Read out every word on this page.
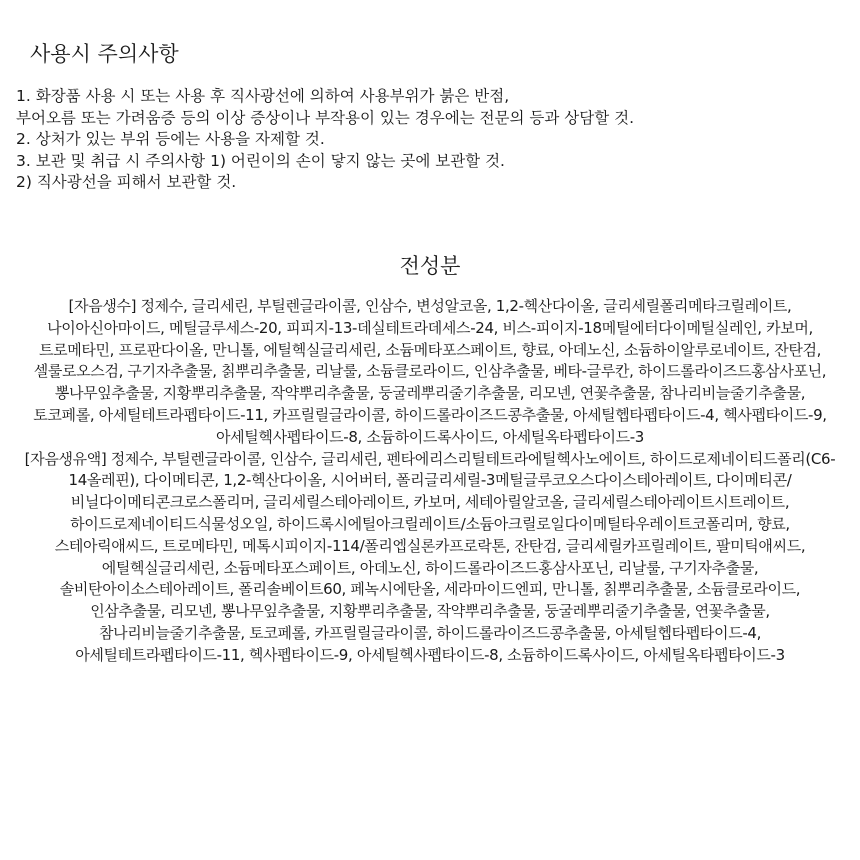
사용시 주의사항
1. 화장품 사용 시 또는 사용 후 직사광선에 의하여 사용부위가 붉은 반점,
부어오름 또는 가려움증 등의 이상 증상이나 부작용이 있는 경우에는 전문의 등과 상담할 것.
2. 상처가 있는 부위 등에는 사용을 자제할 것.
3. 보관 및 취급 시 주의사항 1) 어린이의 손이 닿지 않는 곳에 보관할 것.
2) 직사광선을 피해서 보관할 것.
전성분

[자음생수] 정제수, 글리세린, 부틸렌글라이콜, 인삼수, 변성알코올, 1,2-헥산다이올, 글리세릴폴리메타크릴레이트, 나이아신아마이드, 메틸글루세스-20, 피피지-13-데실테트라데세스-24, 비스-피이지-18메틸에터다이메틸실레인, 카보머, 트로메타민, 프로판다이올, 만니톨, 에틸헥실글리세린, 소듐메타포스페이트, 향료, 아데노신, 소듐하이알루로네이트, 잔탄검, 셀룰로오스검, 구기자추출물, 칡뿌리추출물, 리날룰, 소듐클로라이드, 인삼추출물, 베타-글루칸, 하이드롤라이즈드홍삼사포닌, 뽕나무잎추출물, 지황뿌리추출물, 작약뿌리추출물, 둥굴레뿌리줄기추출물, 리모넨, 연꽃추출물, 참나리비늘줄기추출물, 토코페롤, 아세틸테트라펩타이드-11, 카프릴릴글라이콜, 하이드롤라이즈드콩추출물, 아세틸헵타펩타이드-4, 헥사펩타이드-9, 아세틸헥사펩타이드-8, 소듐하이드록사이드, 아세틸옥타펩타이드-3

[자음생유액] 정제수, 부틸렌글라이콜, 인삼수, 글리세린, 펜타에리스리틸테트라에틸헥사노에이트, 하이드로제네이티드폴리(C6-14올레핀), 다이메티콘, 1,2-헥산다이올, 시어버터, 폴리글리세릴-3메틸글루코오스다이스테아레이트, 다이메티콘/비닐다이메티콘크로스폴리머, 글리세릴스테아레이트, 카보머, 세테아릴알코올, 글리세릴스테아레이트시트레이트, 하이드로제네이티드식물성오일, 하이드록시에틸아크릴레이트/소듐아크릴로일다이메틸타우레이트코폴리머, 향료, 스테아릭애씨드, 트로메타민, 메톡시피이지-114/폴리엡실론카프로락톤, 잔탄검, 글리세릴카프릴레이트, 팔미틱애씨드, 에틸헥실글리세린, 소듐메타포스페이트, 아데노신, 하이드롤라이즈드홍삼사포닌, 리날룰, 구기자추출물, 솔비탄아이소스테아레이트, 폴리솔베이트60, 페녹시에탄올, 세라마이드엔피, 만니톨, 칡뿌리추출물, 소듐클로라이드, 인삼추출물, 리모넨, 뽕나무잎추출물, 지황뿌리추출물, 작약뿌리추출물, 둥굴레뿌리줄기추출물, 연꽃추출물, 참나리비늘줄기추출물, 토코페롤, 카프릴릴글라이콜, 하이드롤라이즈드콩추출물, 아세틸헵타펩타이드-4, 아세틸테트라펩타이드-11, 헥사펩타이드-9, 아세틸헥사펩타이드-8, 소듐하이드록사이드, 아세틸옥타펩타이드-3
